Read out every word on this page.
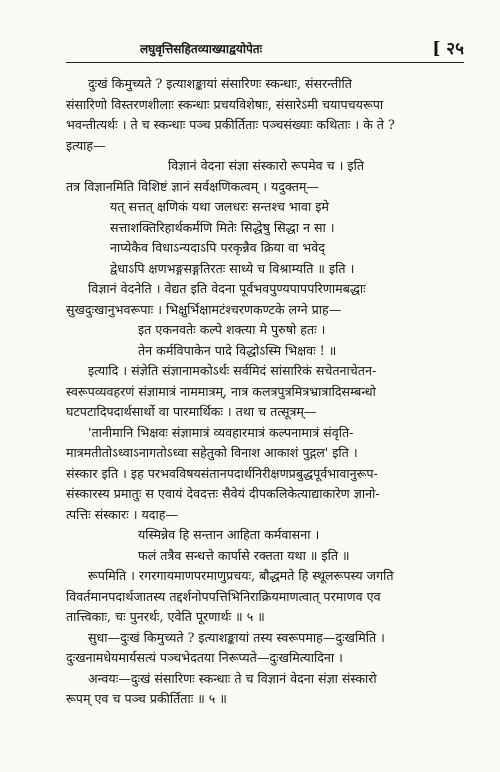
लघुवृत्तिसहितव्याख्याद्वयोपेतः	[ २५
दुःखं किमुच्यते ? इत्याशङ्कायां संसारिणः स्कन्धाः, संसरन्तीति
संसारिणो विस्तरणशीलाः स्कन्धाः प्रचयविशेषाः, संसारेऽमी चयापचयरूपा
भवन्तीत्यर्थः । ते च स्कन्धाः पञ्च प्रकीर्तिताः पञ्चसंख्याः कथिताः । के ते ?
इत्याह—
विज्ञानं वेदना संज्ञा संस्कारो रूपमेव च । इति
तत्र विज्ञानमिति विशिष्टं ज्ञानं सर्वक्षणिकत्वम् । यदुक्तम्—
यत् सत्तत् क्षणिकं यथा जलधरः सन्तश्च भावा इमे
सत्ताशक्तिरिहार्थकर्मणि मितेः सिद्धेषु सिद्धा न सा ।
नाप्येकैव विधाऽन्यदाऽपि परकृन्नैव क्रिया वा भवेद्
द्वेधाऽपि क्षणभङ्गसङ्गतिरतः साध्ये च विश्राम्यति ॥ इति ।
विज्ञानं वेदनेति । वेद्यत इति वेदना पूर्वभवपुण्यपापपरिणामबद्धाः
सुखदुःखानुभवरूपाः । भिक्षुर्भिक्षामटंश्चरणकण्टके लग्ने प्राह—
इत एकनवतेः कल्पे शक्त्या मे पुरुषो हतः ।
तेन कर्मविपाकेन पादे विद्धोऽस्मि भिक्षवः ! ॥
इत्यादि । संज्ञेति संज्ञानामकोऽर्थः सर्वमिदं सांसारिकं सचेतनाचेतन-
स्वरूपव्यवहरणं संज्ञामात्रं नाममात्रम्, नात्र कलत्रपुत्रमित्रभ्रात्रादिसम्बन्धो
घटपटादिपदार्थसार्थो वा पारमार्थिकः । तथा च तत्सूत्रम्—
'तानीमानि भिक्षवः संज्ञामात्रं व्यवहारमात्रं कल्पनामात्रं संवृति-
मात्रमतीतोऽध्वाऽनागतोऽध्वा सहेतुको विनाश आकाशं पुद्गल' इति ।
संस्कार इति । इह परभवविषयसंतानपदार्थनिरीक्षणप्रबुद्धपूर्वभावानुरूप-
संस्कारस्य प्रमातुः स एवायं देवदत्तः सैवेयं दीपकलिकेत्याद्याकारेण ज्ञानो-
त्पत्तिः संस्कारः । यदाह—
यस्मिन्नेव हि सन्तान आहिता कर्मवासना ।
फलं तत्रैव सन्धत्ते कार्पासे रक्तता यथा ॥ इति ॥
रूपमिति । रगरगायमाणपरमाणुप्रचयः, बौद्धमते हि स्थूलरूपस्य जगति
विवर्तमानपदार्थजातस्य तद्दर्शनोपपत्तिभिनिराक्रियमाणत्वात् परमाणव एव
तात्त्विकाः, चः पुनरर्थः, एवेति पूरणार्थः ॥ ५ ॥
सुधा—दुःखं किमुच्यते ? इत्याशङ्कायां तस्य स्वरूपमाह—दुःखमिति ।
दुःखनामधेयमार्यसत्यं पञ्चभेदतया निरूप्यते—दुःखमित्यादिना ।
अन्वयः—दुःखं संसारिणः स्कन्धाः ते च विज्ञानं वेदना संज्ञा संस्कारो
रूपम् एव च पञ्च प्रकीर्तिताः ॥ ५ ॥
